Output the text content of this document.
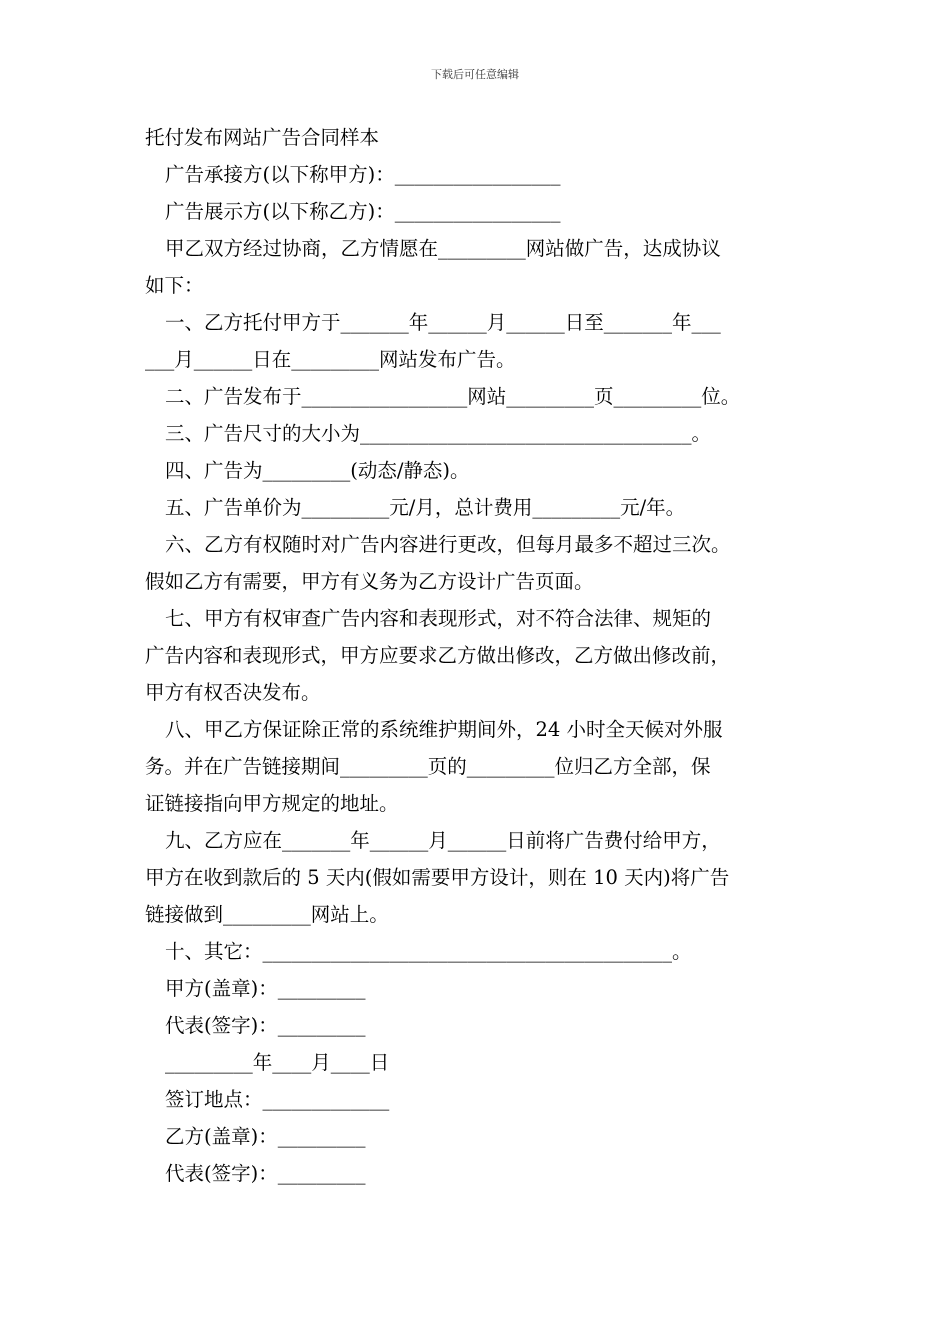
下载后可任意编辑
托付发布网站广告合同样本
广告承接方(以下称甲方)：_________________
广告展示方(以下称乙方)：_________________
甲乙双方经过协商，乙方情愿在_________网站做广告，达成协议
如下：
一、乙方托付甲方于_______年______月______日至_______年___
___月______日在_________网站发布广告。
二、广告发布于_________________网站_________页_________位。
三、广告尺寸的大小为__________________________________。
四、广告为_________(动态/静态)。
五、广告单价为_________元/月，总计费用_________元/年。
六、乙方有权随时对广告内容进行更改，但每月最多不超过三次。
假如乙方有需要，甲方有义务为乙方设计广告页面。
七、甲方有权审查广告内容和表现形式，对不符合法律、规矩的
广告内容和表现形式，甲方应要求乙方做出修改，乙方做出修改前，
甲方有权否决发布。
八、甲乙方保证除正常的系统维护期间外，24 小时全天候对外服
务。并在广告链接期间_________页的_________位归乙方全部，保
证链接指向甲方规定的地址。
九、乙方应在_______年______月______日前将广告费付给甲方，
甲方在收到款后的 5 天内(假如需要甲方设计，则在 10 天内)将广告
链接做到_________网站上。
十、其它：__________________________________________。
甲方(盖章)：_________
代表(签字)：_________
_________年____月____日
签订地点：_____________
乙方(盖章)：_________
代表(签字)：_________
